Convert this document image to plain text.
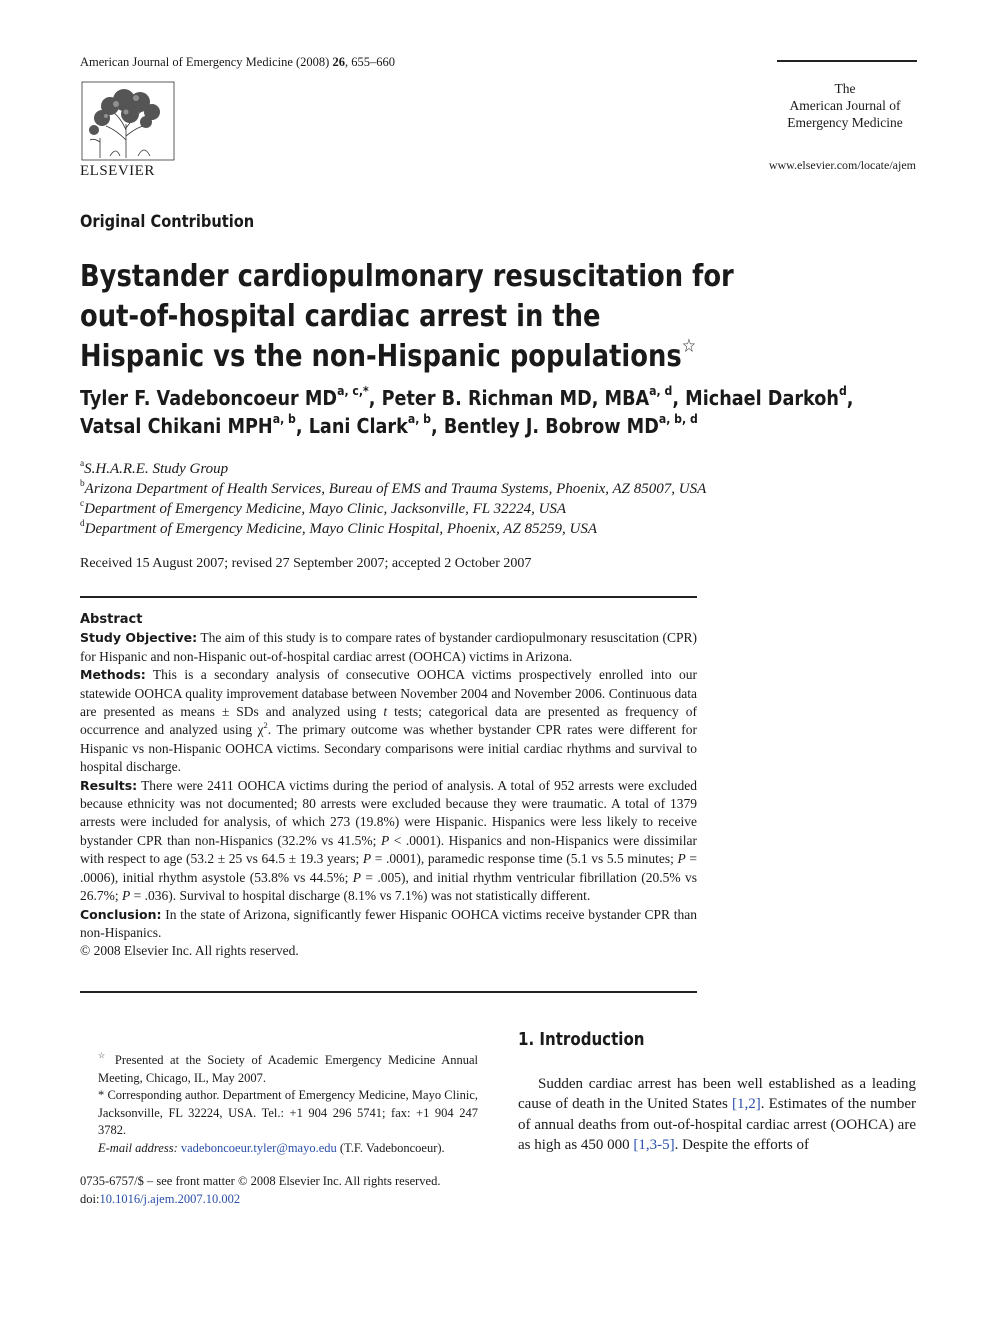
American Journal of Emergency Medicine (2008) 26, 655–660
ELSEVIER
The
American Journal of
Emergency Medicine
www.elsevier.com/locate/ajem
Original Contribution
Bystander cardiopulmonary resuscitation for
out-of-hospital cardiac arrest in the
Hispanic vs the non-Hispanic populations☆
Tyler F. Vadeboncoeur $MD^{a, c,*}$, Peter B. Richman MD, MBA$^{a, d}$, Michael Darkoh$^d$,
Vatsal Chikani MPH$^{a, b}$, Lani Clark$^{a, b}$, Bentley J. Bobrow MD$^{a, b, d}$
$^a$S.H.A.R.E. Study Group
$^b$Arizona Department of Health Services, Bureau of EMS and Trauma Systems, Phoenix, AZ 85007, USA
$^c$Department of Emergency Medicine, Mayo Clinic, Jacksonville, FL 32224, USA
$^d$Department of Emergency Medicine, Mayo Clinic Hospital, Phoenix, AZ 85259, USA
Received 15 August 2007; revised 27 September 2007; accepted 2 October 2007
Abstract

Study Objective: The aim of this study is to compare rates of bystander cardiopulmonary resuscitation (CPR) for Hispanic and non-Hispanic out-of-hospital cardiac arrest (OOHCA) victims in Arizona.

Methods: This is a secondary analysis of consecutive OOHCA victims prospectively enrolled into our statewide OOHCA quality improvement database between November 2004 and November 2006. Continuous data are presented as means ± SDs and analyzed using t tests; categorical data are presented as frequency of occurrence and analyzed using $\chi^2$. The primary outcome was whether bystander CPR rates were different for Hispanic vs non-Hispanic OOHCA victims. Secondary comparisons were initial cardiac rhythms and survival to hospital discharge.

Results: There were 2411 OOHCA victims during the period of analysis. A total of 952 arrests were excluded because ethnicity was not documented; 80 arrests were excluded because they were traumatic. A total of 1379 arrests were included for analysis, of which 273 (19.8%) were Hispanic. Hispanics were less likely to receive bystander CPR than non-Hispanics (32.2% vs 41.5%; P < .0001). Hispanics and non-Hispanics were dissimilar with respect to age (53.2 ± 25 vs 64.5 ± 19.3 years; P = .0001), paramedic response time (5.1 vs 5.5 minutes; P = .0006), initial rhythm asystole (53.8% vs 44.5%; P = .005), and initial rhythm ventricular fibrillation (20.5% vs 26.7%; P = .036). Survival to hospital discharge (8.1% vs 7.1%) was not statistically different.

Conclusion: In the state of Arizona, significantly fewer Hispanic OOHCA victims receive bystander CPR than non-Hispanics.

© 2008 Elsevier Inc. All rights reserved.

☆ Presented at the Society of Academic Emergency Medicine Annual Meeting, Chicago, IL, May 2007.

* Corresponding author. Department of Emergency Medicine, Mayo Clinic, Jacksonville, FL 32224, USA. Tel.: +1 904 296 5741; fax: +1 904 247 3782.

E-mail address: vadeboncoeur.tyler@mayo.edu (T.F. Vadeboncoeur).

0735-6757/$ – see front matter © 2008 Elsevier Inc. All rights reserved.

doi:10.1016/j.ajem.2007.10.002

1. Introduction

Sudden cardiac arrest has been well established as a leading cause of death in the United States [1,2]. Estimates of the number of annual deaths from out-of-hospital cardiac arrest (OOHCA) are as high as 450 000 [1,3-5]. Despite the efforts of
